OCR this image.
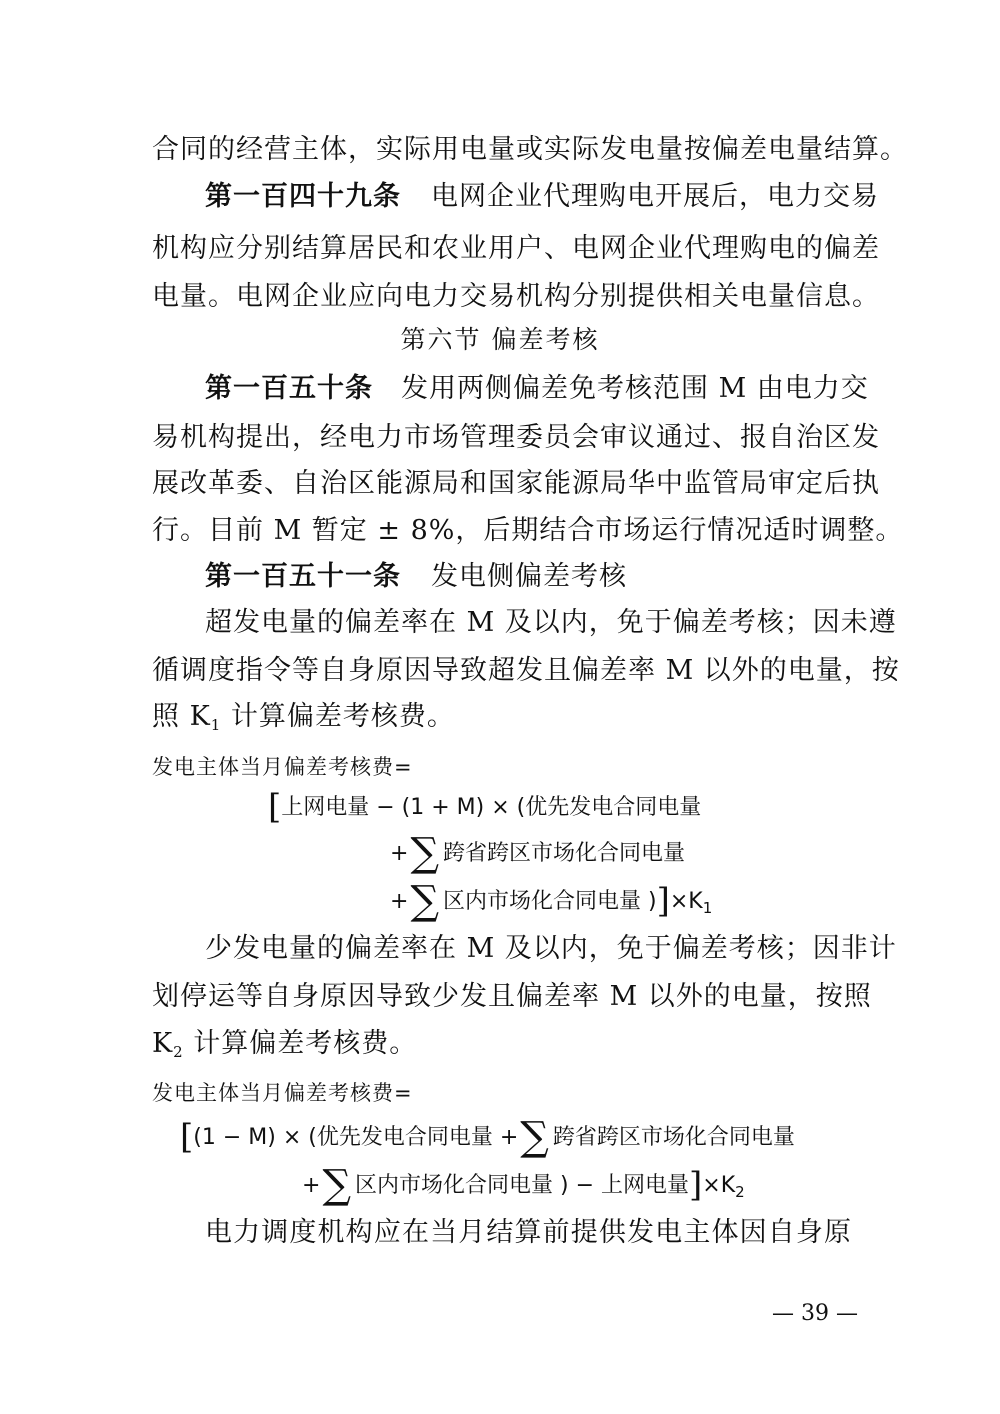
合同的经营主体，实际用电量或实际发电量按偏差电量结算。
第一百四十九条 电网企业代理购电开展后，电力交易
机构应分别结算居民和农业用户、电网企业代理购电的偏差
电量。电网企业应向电力交易机构分别提供相关电量信息。
第六节 偏差考核
第一百五十条 发用两侧偏差免考核范围 M 由电力交
易机构提出，经电力市场管理委员会审议通过、报自治区发
展改革委、自治区能源局和国家能源局华中监管局审定后执
行。目前 M 暂定 ± 8%，后期结合市场运行情况适时调整。
第一百五十一条 发电侧偏差考核
超发电量的偏差率在 M 及以内，免于偏差考核；因未遵
循调度指令等自身原因导致超发且偏差率 M 以外的电量，按
照 $K_1$ 计算偏差考核费。
发电主体当月偏差考核费=
[上网电量 − (1 + M) × (优先发电合同电量
+∑ 跨省跨区市场化合同电量
+∑ 区内市场化合同电量 )]$\times K_1$
少发电量的偏差率在 M 及以内，免于偏差考核；因非计
划停运等自身原因导致少发且偏差率 M 以外的电量，按照
$K_2$ 计算偏差考核费。
发电主体当月偏差考核费=
[(1 − M) × (优先发电合同电量 +∑ 跨省跨区市场化合同电量
+∑ 区内市场化合同电量 ) − 上网电量]$\times K_2$
电力调度机构应在当月结算前提供发电主体因自身原
— 39 —
